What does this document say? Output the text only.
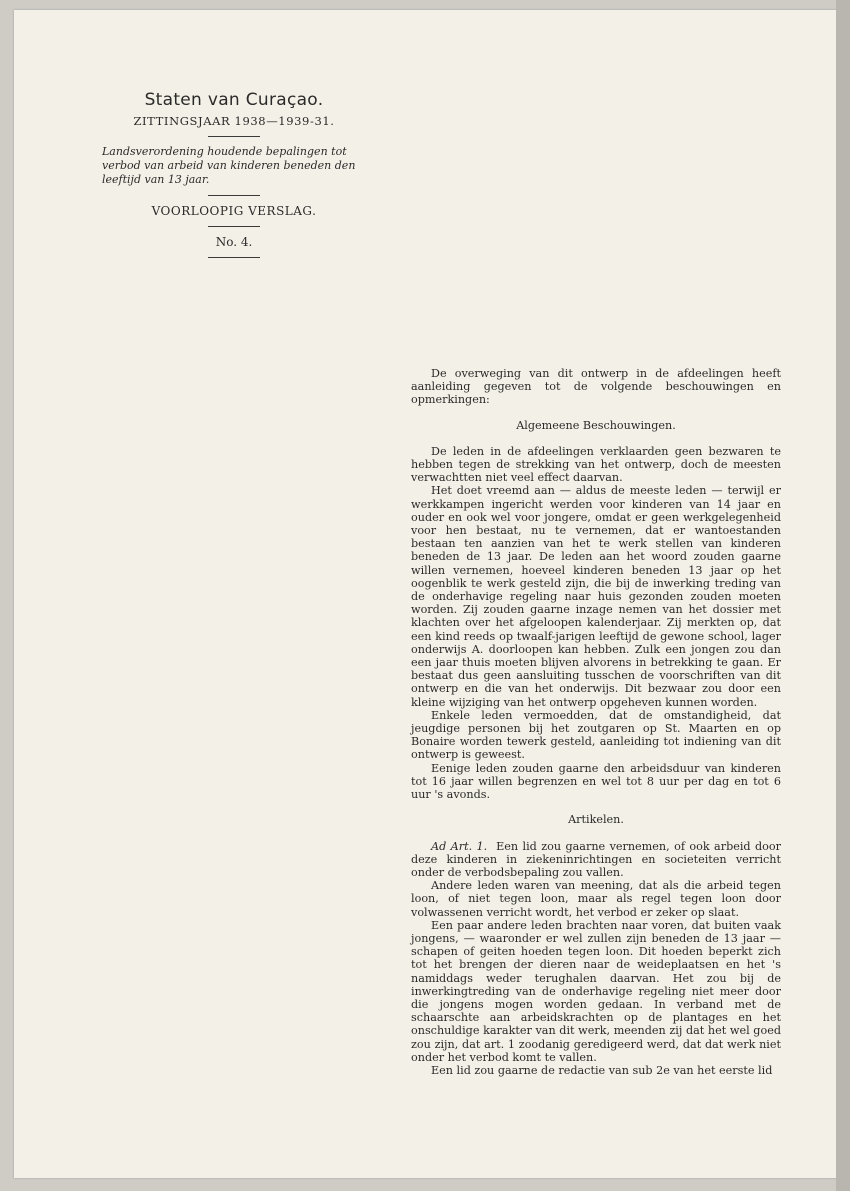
Staten van Curaçao.

ZITTINGSJAAR 1938—1939-31.

Landsverordening houdende bepalingen tot verbod van arbeid van kinderen beneden den leeftijd van 13 jaar.

VOORLOOPIG VERSLAG.

No. 4.

De overweging van dit ontwerp in de afdeelingen heeft aanleiding gegeven tot de volgende beschouwingen en opmerkingen:

Algemeene Beschouwingen.

De leden in de afdeelingen verklaarden geen bezwaren te hebben tegen de strekking van het ontwerp, doch de meesten verwachtten niet veel effect daarvan.

Het doet vreemd aan — aldus de meeste leden — terwijl er werkkampen ingericht werden voor kinderen van 14 jaar en ouder en ook wel voor jongere, omdat er geen werkgelegenheid voor hen bestaat, nu te vernemen, dat er wantoestanden bestaan ten aanzien van het te werk stellen van kinderen beneden de 13 jaar. De leden aan het woord zouden gaarne willen vernemen, hoeveel kinderen beneden 13 jaar op het oogenblik te werk gesteld zijn, die bij de inwerking treding van de onderhavige regeling naar huis gezonden zouden moeten worden. Zij zouden gaarne inzage nemen van het dossier met klachten over het afgeloopen kalenderjaar. Zij merkten op, dat een kind reeds op twaalf-jarigen leeftijd de gewone school, lager onderwijs A. doorloopen kan hebben. Zulk een jongen zou dan een jaar thuis moeten blijven alvorens in betrekking te gaan. Er bestaat dus geen aansluiting tusschen de voorschriften van dit ontwerp en die van het onderwijs. Dit bezwaar zou door een kleine wijziging van het ontwerp opgeheven kunnen worden.

Enkele leden vermoedden, dat de omstandigheid, dat jeugdige personen bij het zoutgaren op St. Maarten en op Bonaire worden tewerk gesteld, aanleiding tot indiening van dit ontwerp is geweest.

Eenige leden zouden gaarne den arbeidsduur van kinderen tot 16 jaar willen begrenzen en wel tot 8 uur per dag en tot 6 uur 's avonds.

Artikelen.

Ad Art. 1. Een lid zou gaarne vernemen, of ook arbeid door deze kinderen in ziekeninrichtingen en societeiten verricht onder de verbodsbepaling zou vallen.

Andere leden waren van meening, dat als die arbeid tegen loon, of niet tegen loon, maar als regel tegen loon door volwassenen verricht wordt, het verbod er zeker op slaat.

Een paar andere leden brachten naar voren, dat buiten vaak jongens, — waaronder er wel zullen zijn beneden de 13 jaar — schapen of geiten hoeden tegen loon. Dit hoeden beperkt zich tot het brengen der dieren naar de weideplaatsen en het 's namiddags weder terughalen daarvan. Het zou bij de inwerkingtreding van de onderhavige regeling niet meer door die jongens mogen worden gedaan. In verband met de schaarschte aan arbeidskrachten op de plantages en het onschuldige karakter van dit werk, meenden zij dat het wel goed zou zijn, dat art. 1 zoodanig geredigeerd werd, dat dat werk niet onder het verbod komt te vallen.

Een lid zou gaarne de redactie van sub 2e van het eerste lid
